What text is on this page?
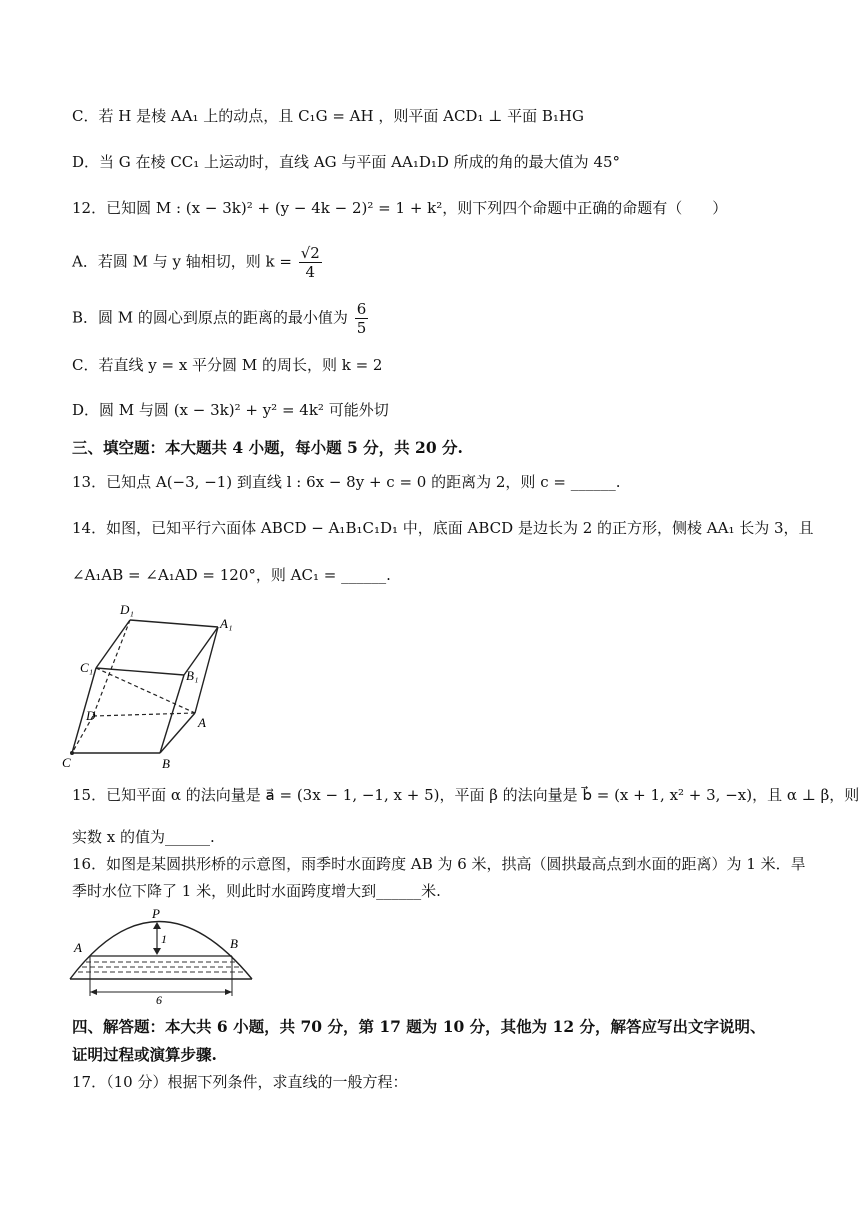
C．若 H 是棱 AA₁ 上的动点，且 C₁G = AH ，则平面 ACD₁ ⊥ 平面 B₁HG
D．当 G 在棱 CC₁ 上运动时，直线 AG 与平面 AA₁D₁D 所成的角的最大值为 45°
12．已知圆 M : (x − 3k)² + (y − 4k − 2)² = 1 + k²，则下列四个命题中正确的命题有（　　）
A．若圆 M 与 y 轴相切，则 $k = \frac{√2}{4}$
B．圆 M 的圆心到原点的距离的最小值为 $\frac{6}{5}$
C．若直线 y = x 平分圆 M 的周长，则 k = 2
D．圆 M 与圆 (x − 3k)² + y² = 4k² 可能外切
三、填空题：本大题共 4 小题，每小题 5 分，共 20 分.
13．已知点 A(−3, −1) 到直线 l : 6x − 8y + c = 0 的距离为 2，则 c = ______.
14．如图，已知平行六面体 ABCD − A₁B₁C₁D₁ 中，底面 ABCD 是边长为 2 的正方形，侧棱 AA₁ 长为 3，且
∠A₁AB = ∠A₁AD = 120°，则 AC₁ = ______.
D₁
A₁
C₁
B₁
D	A
C	B
15．已知平面 α 的法向量是 a⃗ = (3x − 1, −1, x + 5)，平面 β 的法向量是 b⃗ = (x + 1, x² + 3, −x)，且 α ⊥ β，则
实数 x 的值为______.
16．如图是某圆拱形桥的示意图，雨季时水面跨度 AB 为 6 米，拱高（圆拱最高点到水面的距离）为 1 米．旱
季时水位下降了 1 米，则此时水面跨度增大到______米.
P
A	B
1
6
四、解答题：本大共 6 小题，共 70 分，第 17 题为 10 分，其他为 12 分，解答应写出文字说明、
证明过程或演算步骤.
17．（10 分）根据下列条件，求直线的一般方程：
